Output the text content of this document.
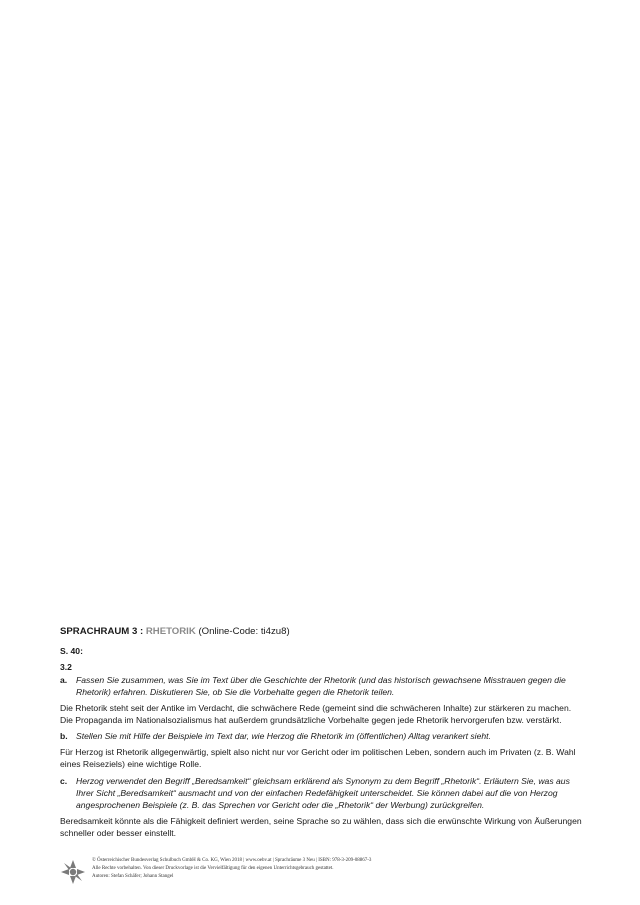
SPRACHRAUM 3 : RHETORIK (Online-Code: ti4zu8)
S. 40:
3.2
a. Fassen Sie zusammen, was Sie im Text über die Geschichte der Rhetorik (und das historisch gewachsene Misstrauen gegen die Rhetorik) erfahren. Diskutieren Sie, ob Sie die Vorbehalte gegen die Rhetorik teilen.
Die Rhetorik steht seit der Antike im Verdacht, die schwächere Rede (gemeint sind die schwächeren Inhalte) zur stärkeren zu machen. Die Propaganda im Nationalsozialismus hat außerdem grundsätzliche Vorbehalte gegen jede Rhetorik hervorgerufen bzw. verstärkt.
b. Stellen Sie mit Hilfe der Beispiele im Text dar, wie Herzog die Rhetorik im (öffentlichen) Alltag verankert sieht.
Für Herzog ist Rhetorik allgegenwärtig, spielt also nicht nur vor Gericht oder im politischen Leben, sondern auch im Privaten (z. B. Wahl eines Reiseziels) eine wichtige Rolle.
c. Herzog verwendet den Begriff „Beredsamkeit“ gleichsam erklärend als Synonym zu dem Begriff „Rhetorik“. Erläutern Sie, was aus Ihrer Sicht „Beredsamkeit“ ausmacht und von der einfachen Redefähigkeit unterscheidet. Sie können dabei auf die von Herzog angesprochenen Beispiele (z. B. das Sprechen vor Gericht oder die „Rhetorik“ der Werbung) zurückgreifen.
Beredsamkeit könnte als die Fähigkeit definiert werden, seine Sprache so zu wählen, dass sich die erwünschte Wirkung von Äußerungen schneller oder besser einstellt.
© Österreichischer Bundesverlag Schulbuch GmbH & Co. KG, Wien 2018 | www.oebv.at | Sprachräume 3 Neu | ISBN: 978-3-209-08867-3
Alle Rechte vorbehalten. Von dieser Druckvorlage ist die Vervielfältigung für den eigenen Unterrichtsgebrauch gestattet.
Autoren: Stefan Schäfer; Johann Stangel
